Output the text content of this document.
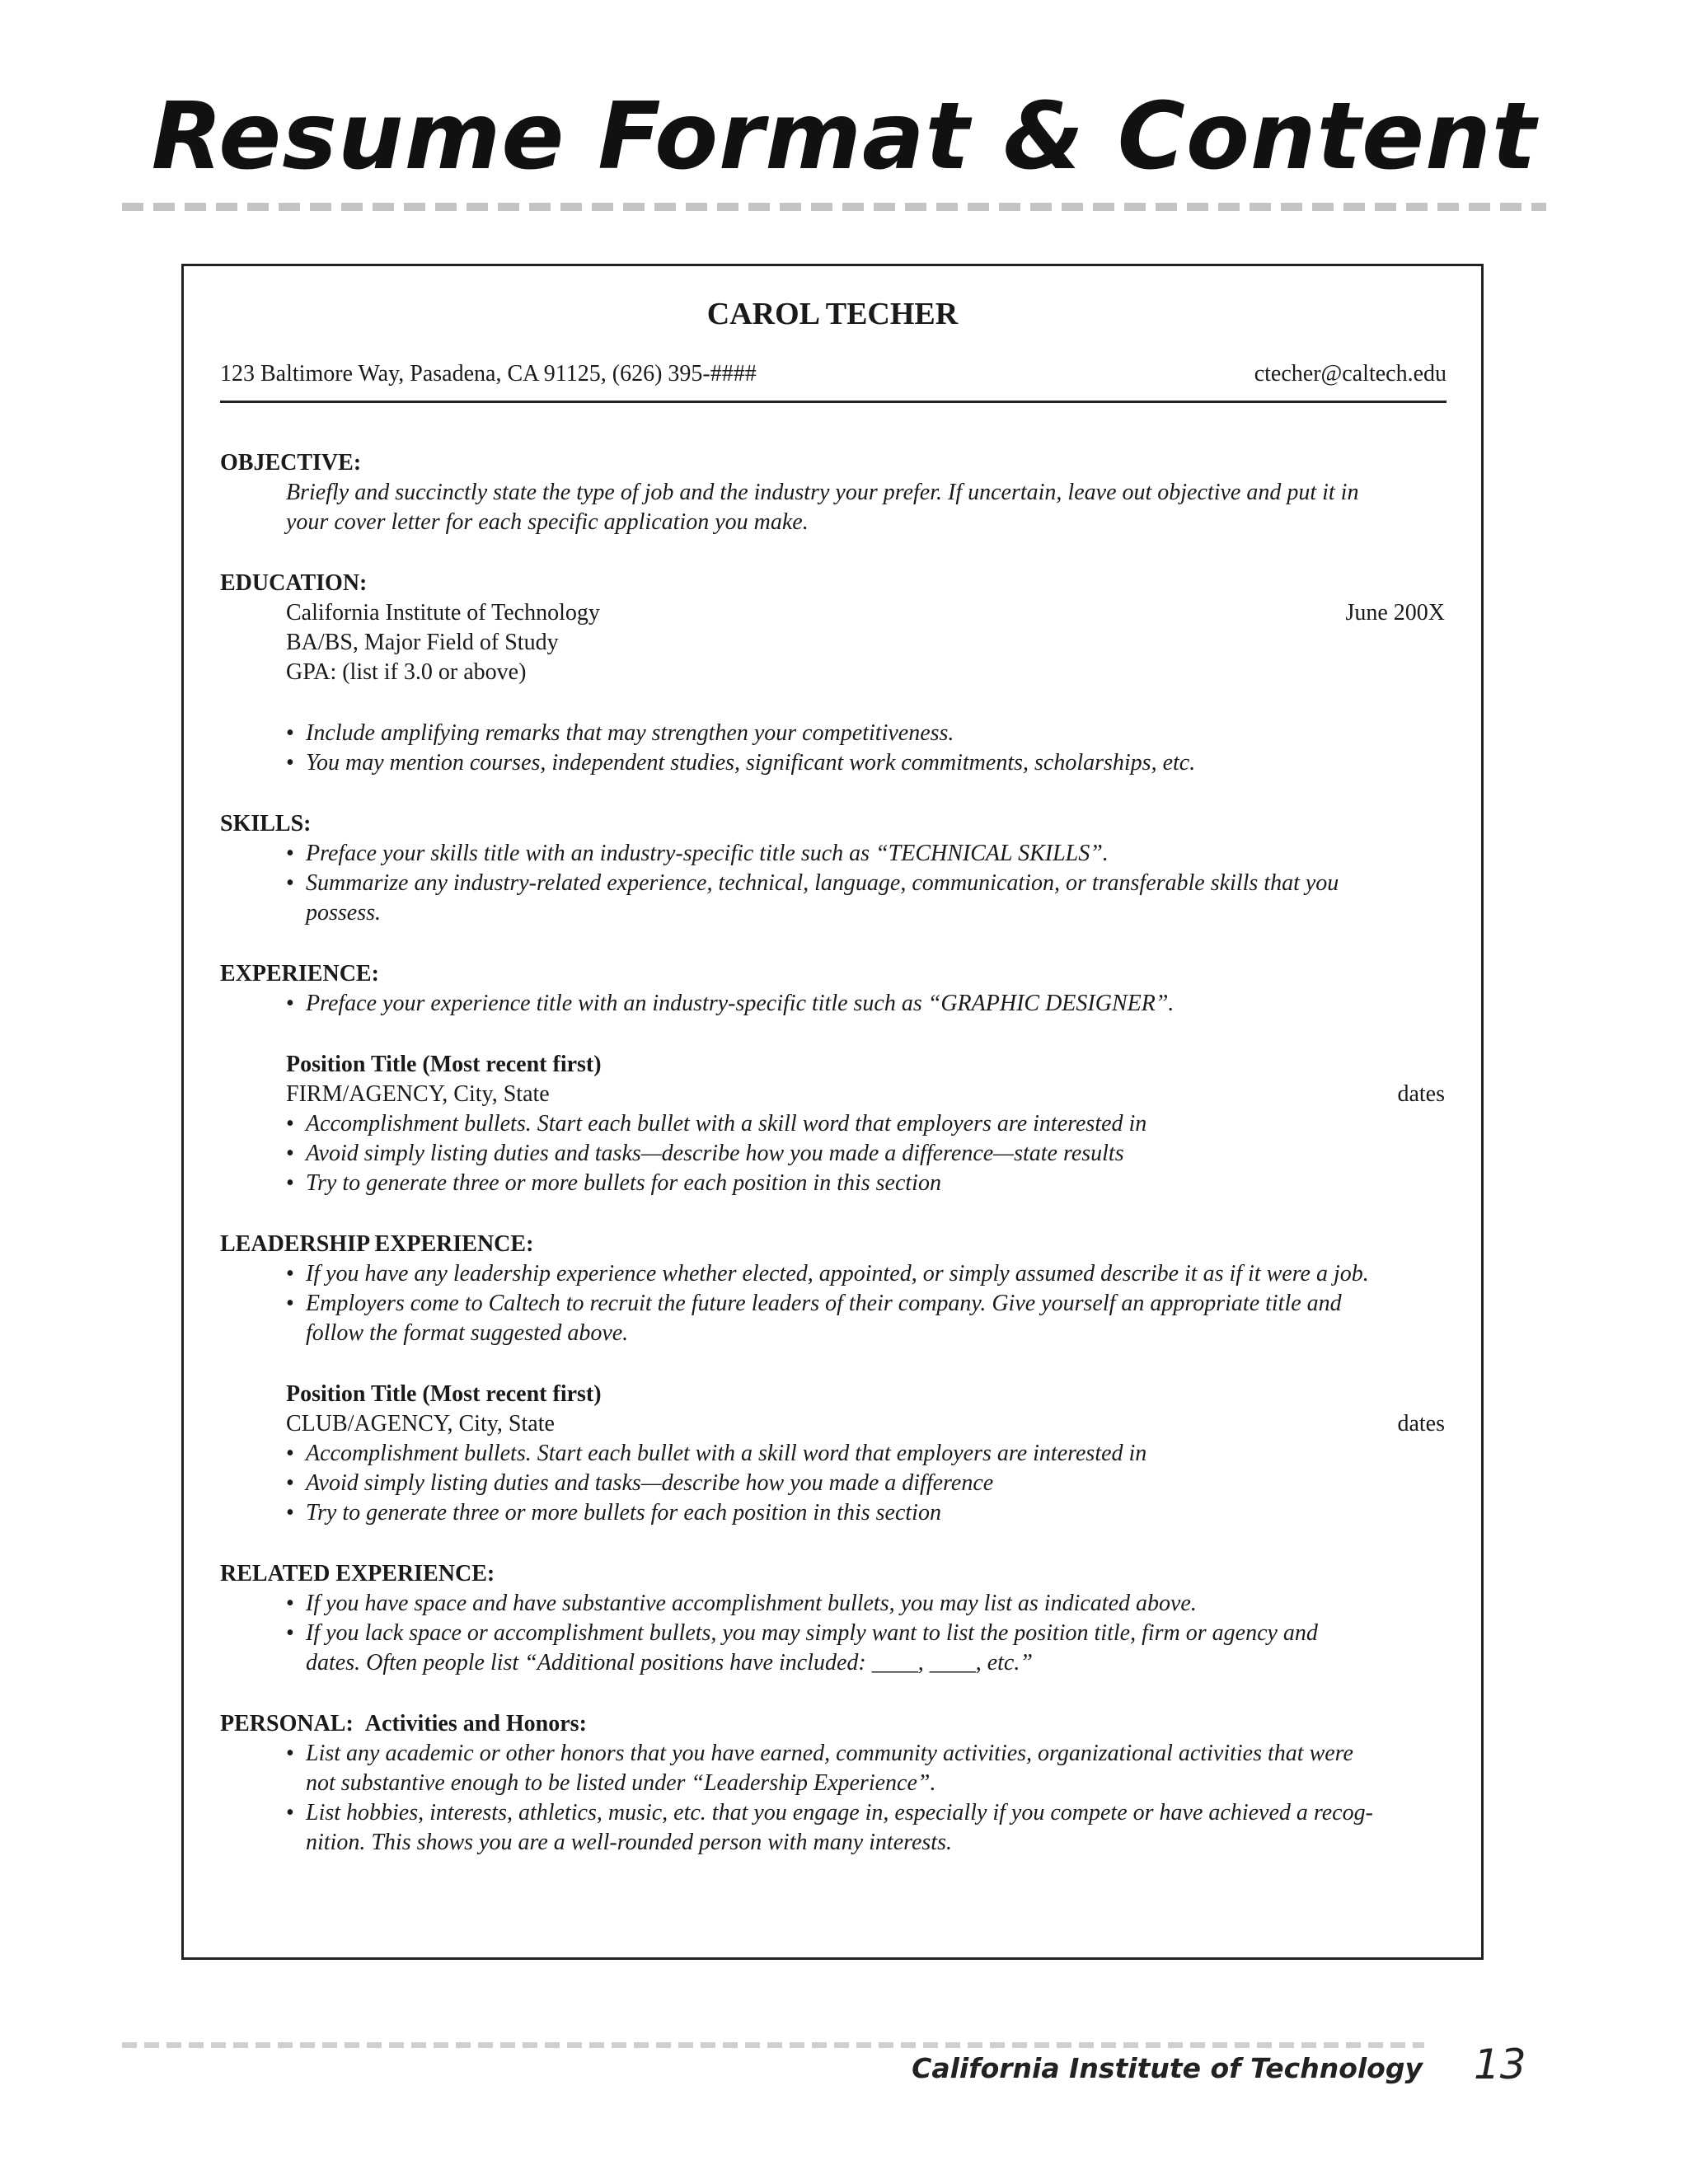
Resume Format & Content
CAROL TECHER
123 Baltimore Way, Pasadena, CA 91125, (626) 395-####	ctecher@caltech.edu
OBJECTIVE:
Briefly and succinctly state the type of job and the industry your prefer. If uncertain, leave out objective and put it in
your cover letter for each specific application you make.
EDUCATION:
California Institute of Technology	June 200X
BA/BS, Major Field of Study
GPA: (list if 3.0 or above)
• Include amplifying remarks that may strengthen your competitiveness.
• You may mention courses, independent studies, significant work commitments, scholarships, etc.
SKILLS:
• Preface your skills title with an industry-specific title such as “TECHNICAL SKILLS”.
• Summarize any industry-related experience, technical, language, communication, or transferable skills that you
possess.
EXPERIENCE:
• Preface your experience title with an industry-specific title such as “GRAPHIC DESIGNER”.
Position Title (Most recent first)
FIRM/AGENCY, City, State	dates
• Accomplishment bullets. Start each bullet with a skill word that employers are interested in
• Avoid simply listing duties and tasks—describe how you made a difference—state results
• Try to generate three or more bullets for each position in this section
LEADERSHIP EXPERIENCE:
• If you have any leadership experience whether elected, appointed, or simply assumed describe it as if it were a job.
• Employers come to Caltech to recruit the future leaders of their company. Give yourself an appropriate title and
follow the format suggested above.
Position Title (Most recent first)
CLUB/AGENCY, City, State	dates
• Accomplishment bullets. Start each bullet with a skill word that employers are interested in
• Avoid simply listing duties and tasks—describe how you made a difference
• Try to generate three or more bullets for each position in this section
RELATED EXPERIENCE:
• If you have space and have substantive accomplishment bullets, you may list as indicated above.
• If you lack space or accomplishment bullets, you may simply want to list the position title, firm or agency and
dates. Often people list “Additional positions have included: ____, ____, etc.”
PERSONAL: Activities and Honors:
• List any academic or other honors that you have earned, community activities, organizational activities that were
not substantive enough to be listed under “Leadership Experience”.
• List hobbies, interests, athletics, music, etc. that you engage in, especially if you compete or have achieved a recog-
nition. This shows you are a well-rounded person with many interests.
California Institute of Technology 13
